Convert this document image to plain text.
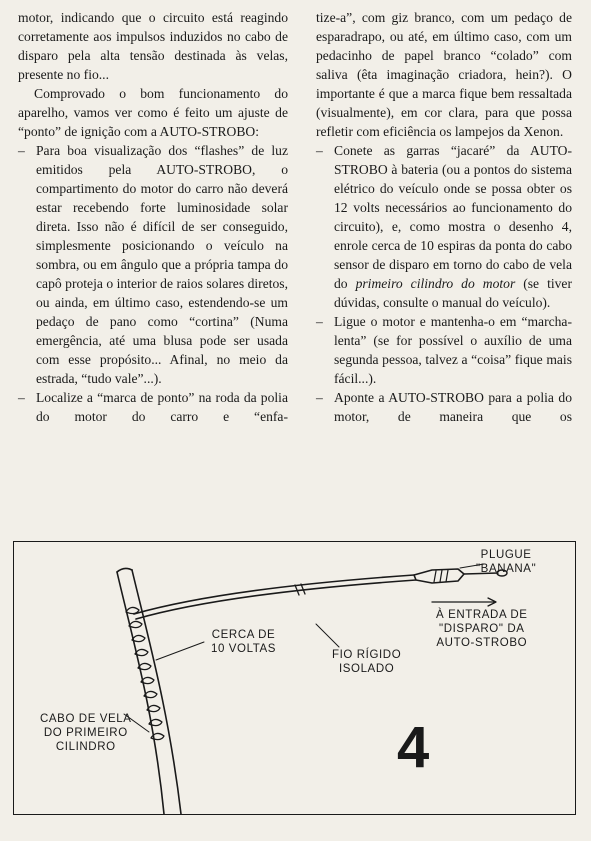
motor, indicando que o circuito está reagindo corretamente aos impulsos induzidos no cabo de disparo pela alta tensão destinada às velas, presente no fio...

Comprovado o bom funcionamento do aparelho, vamos ver como é feito um ajuste de “ponto” de ignição com a AUTO-STROBO:

– Para boa visualização dos “flashes” de luz emitidos pela AUTO-STROBO, o compartimento do motor do carro não deverá estar recebendo forte luminosidade solar direta. Isso não é difícil de ser conseguido, simplesmente posicionando o veículo na sombra, ou em ângulo que a própria tampa do capô proteja o interior de raios solares diretos, ou ainda, em último caso, estendendo-se um pedaço de pano como “cortina” (Numa emergência, até uma blusa pode ser usada com esse propósito... Afinal, no meio da estrada, “tudo vale”...).

– Localize a “marca de ponto” na roda da polia do motor do carro e “enfa-

tize-a”, com giz branco, com um pedaço de esparadrapo, ou até, em último caso, com um pedacinho de papel branco “colado” com saliva (êta imaginação criadora, hein?). O importante é que a marca fique bem ressaltada (visualmente), em cor clara, para que possa refletir com eficiência os lampejos da Xenon.

– Conete as garras “jacaré” da AUTO-STROBO à bateria (ou a pontos do sistema elétrico do veículo onde se possa obter os 12 volts necessários ao funcionamento do circuito), e, como mostra o desenho 4, enrole cerca de 10 espiras da ponta do cabo sensor de disparo em torno do cabo de vela do primeiro cilindro do motor (se tiver dúvidas, consulte o manual do veículo).

– Ligue o motor e mantenha-o em “marcha-lenta” (se for possível o auxílio de uma segunda pessoa, talvez a “coisa” fique mais fácil...).

– Aponte a AUTO-STROBO para a polia do motor, de maneira que os

PLUGUE
"BANANA"
À ENTRADA DE
"DISPARO" DA
AUTO-STROBO
CERCA DE
10 VOLTAS	FIO RÍGIDO
ISOLADO
CABO DE VELA
DO PRIMEIRO
CILINDRO	4
